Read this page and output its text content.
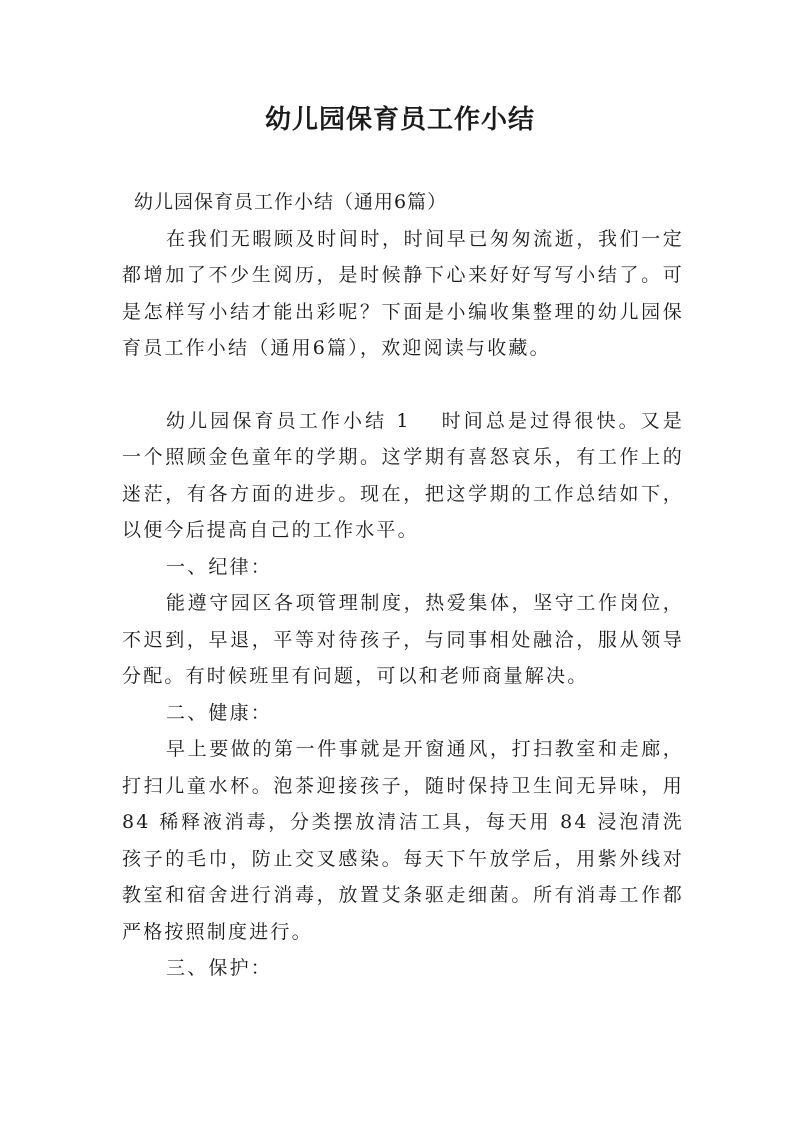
幼儿园保育员工作小结

幼儿园保育员工作小结（通用6篇）

在我们无暇顾及时间时，时间早已匆匆流逝，我们一定都增加了不少生阅历，是时候静下心来好好写写小结了。可是怎样写小结才能出彩呢？下面是小编收集整理的幼儿园保育员工作小结（通用6篇），欢迎阅读与收藏。

幼儿园保育员工作小结 1 时间总是过得很快。又是一个照顾金色童年的学期。这学期有喜怒哀乐，有工作上的迷茫，有各方面的进步。现在，把这学期的工作总结如下，以便今后提高自己的工作水平。

一、纪律：

能遵守园区各项管理制度，热爱集体，坚守工作岗位，不迟到，早退，平等对待孩子，与同事相处融洽，服从领导分配。有时候班里有问题，可以和老师商量解决。

二、健康：

早上要做的第一件事就是开窗通风，打扫教室和走廊，打扫儿童水杯。泡茶迎接孩子，随时保持卫生间无异味，用 84 稀释液消毒，分类摆放清洁工具，每天用 84 浸泡清洗孩子的毛巾，防止交叉感染。每天下午放学后，用紫外线对教室和宿舍进行消毒，放置艾条驱走细菌。所有消毒工作都严格按照制度进行。

三、保护：
